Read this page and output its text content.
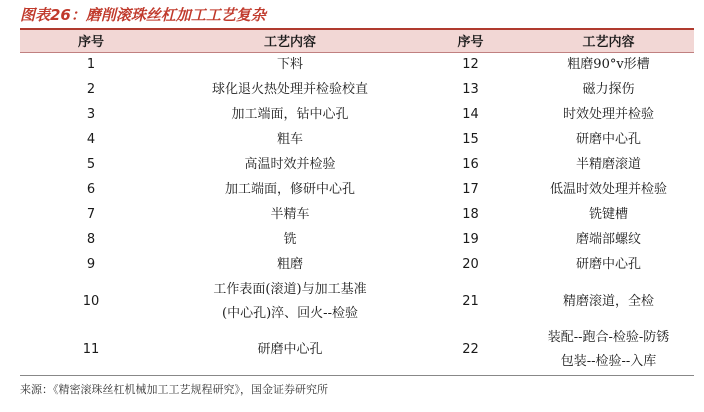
图表26：磨削滚珠丝杠加工工艺复杂
序号	工艺内容	序号	工艺内容
1	下料	12	粗磨90°v形槽

2	球化退火热处理并检验校直	13	磁力探伤

3	加工端面，钻中心孔	14	时效处理并检验

4	粗车	15	研磨中心孔

5	高温时效并检验	16	半精磨滚道

6	加工端面，修研中心孔	17	低温时效处理并检验

7	半精车	18	铣键槽

8	铣	19	磨端部螺纹

9	粗磨	20	研磨中心孔

10	工作表面(滚道)与加工基准
(中心孔)淬、回火--检验	21	精磨滚道，全检

11	研磨中心孔	22	装配--跑合-检验-防锈
包装--检验--入库
来源：《精密滚珠丝杠机械加工工艺规程研究》，国金证券研究所
